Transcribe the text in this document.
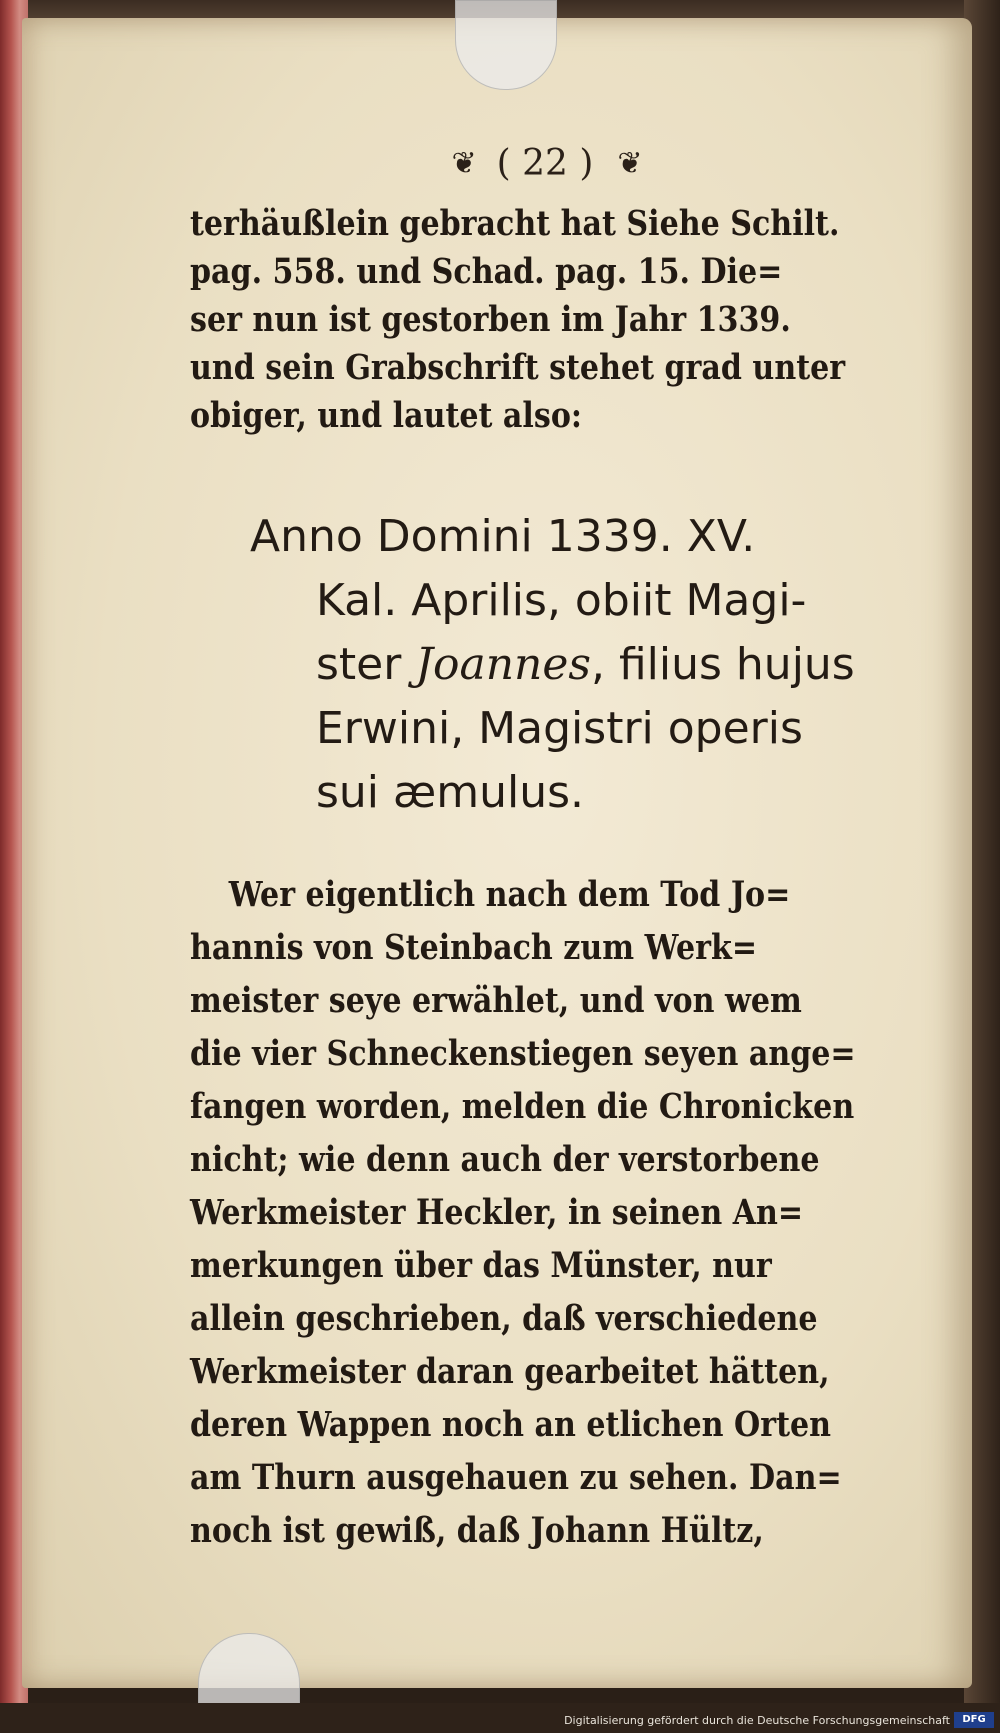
❦ ( 22 ) ❦
terhäußlein gebracht hat Siehe Schilt.
pag. 558. und Schad. pag. 15. Die=
ser nun ist gestorben im Jahr 1339.
und sein Grabschrift stehet grad unter
obiger, und lautet also:
Anno Domini 1339. XV.
Kal. Aprilis, obiit Magi-
ster Joannes, filius hujus
Erwini, Magistri operis
sui æmulus.
Wer eigentlich nach dem Tod Jo=
hannis von Steinbach zum Werk=
meister seye erwählet, und von wem
die vier Schneckenstiegen seyen ange=
fangen worden, melden die Chronicken
nicht; wie denn auch der verstorbene
Werkmeister Heckler, in seinen An=
merkungen über das Münster, nur
allein geschrieben, daß verschiedene
Werkmeister daran gearbeitet hätten,
deren Wappen noch an etlichen Orten
am Thurn ausgehauen zu sehen. Dan=
noch ist gewiß, daß Johann Hültz,
Digitalisierung gefördert durch die Deutsche Forschungsgemeinschaft	DFG
